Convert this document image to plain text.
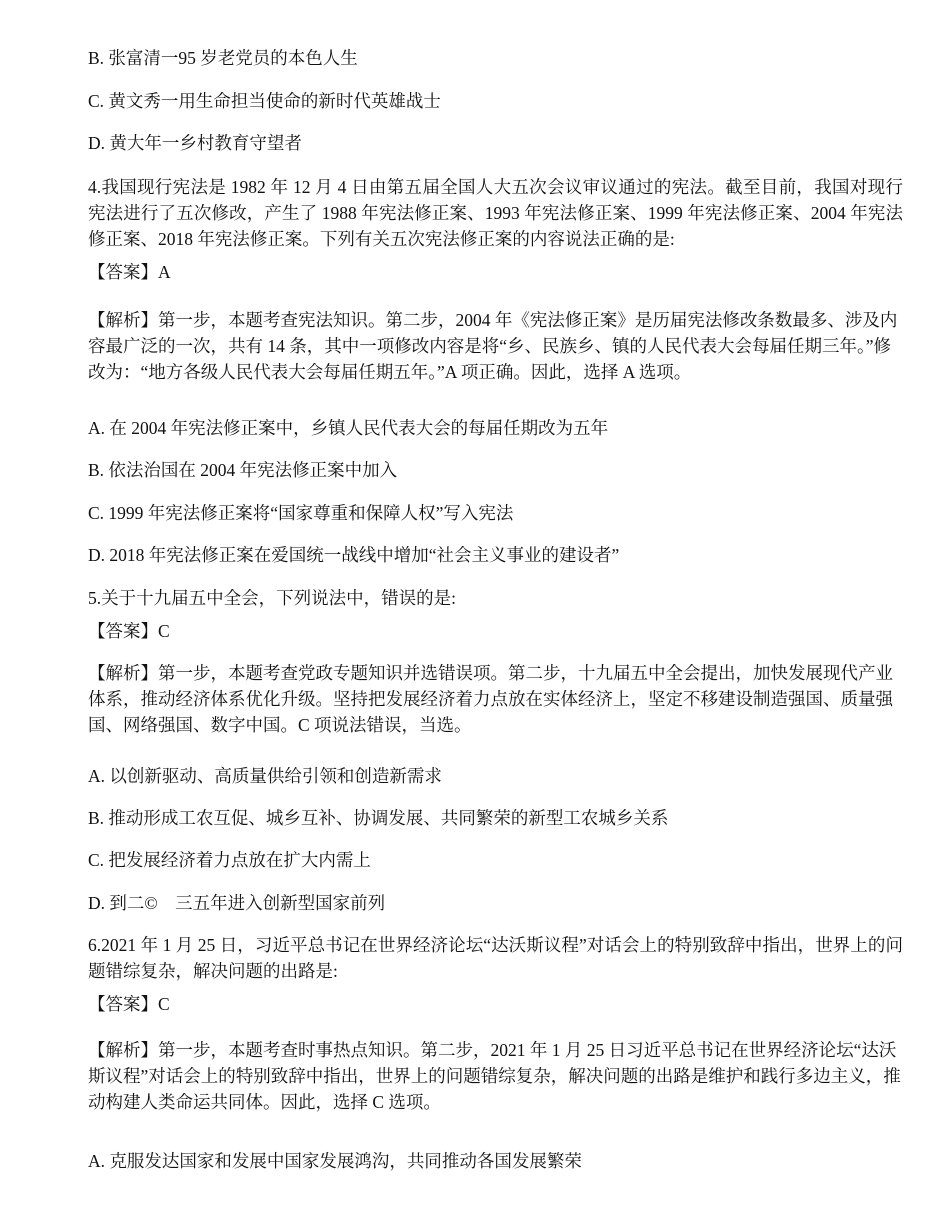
B. 张富清一95 岁老党员的本色人生
C. 黄文秀一用生命担当使命的新时代英雄战士
D. 黄大年一乡村教育守望者
4.我国现行宪法是 1982 年 12 月 4 日由第五届全国人大五次会议审议通过的宪法。截至目前，我国对现行宪法进行了五次修改，产生了 1988 年宪法修正案、1993 年宪法修正案、1999 年宪法修正案、2004 年宪法修正案、2018 年宪法修正案。下列有关五次宪法修正案的内容说法正确的是:
【答案】A
【解析】第一步，本题考查宪法知识。第二步，2004 年《宪法修正案》是历届宪法修改条数最多、涉及内容最广泛的一次，共有 14 条，其中一项修改内容是将“乡、民族乡、镇的人民代表大会每届任期三年。”修改为：“地方各级人民代表大会每届任期五年。”A 项正确。因此，选择 A 选项。
A. 在 2004 年宪法修正案中，乡镇人民代表大会的每届任期改为五年
B. 依法治国在 2004 年宪法修正案中加入
C. 1999 年宪法修正案将“国家尊重和保障人权”写入宪法
D. 2018 年宪法修正案在爱国统一战线中增加“社会主义事业的建设者”
5.关于十九届五中全会，下列说法中，错误的是:
【答案】C
【解析】第一步，本题考查党政专题知识并选错误项。第二步，十九届五中全会提出，加快发展现代产业体系，推动经济体系优化升级。坚持把发展经济着力点放在实体经济上，坚定不移建设制造强国、质量强国、网络强国、数字中国。C 项说法错误，当选。
A. 以创新驱动、高质量供给引领和创造新需求
B. 推动形成工农互促、城乡互补、协调发展、共同繁荣的新型工农城乡关系
C. 把发展经济着力点放在扩大内需上
D. 到二©　三五年进入创新型国家前列
6.2021 年 1 月 25 日，习近平总书记在世界经济论坛“达沃斯议程”对话会上的特别致辞中指出，世界上的问题错综复杂，解决问题的出路是:
【答案】C
【解析】第一步，本题考查时事热点知识。第二步，2021 年 1 月 25 日习近平总书记在世界经济论坛“达沃斯议程”对话会上的特别致辞中指出，世界上的问题错综复杂，解决问题的出路是维护和践行多边主义，推动构建人类命运共同体。因此，选择 C 选项。
A. 克服发达国家和发展中国家发展鸿沟，共同推动各国发展繁荣
